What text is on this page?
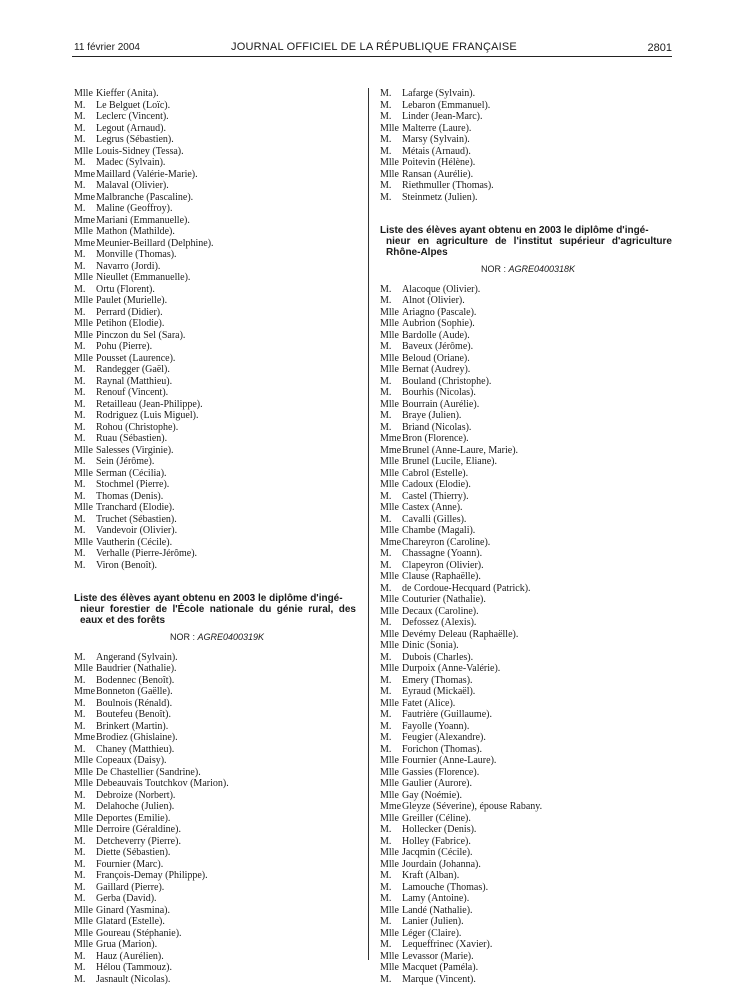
11 février 2004	JOURNAL OFFICIEL DE LA RÉPUBLIQUE FRANÇAISE	2801
Mlle Kieffer (Anita).
M.	Le Belguet (Loïc).
M.	Leclerc (Vincent).
M.	Legout (Arnaud).
M.	Legrus (Sébastien).
Mlle Louis-Sidney (Tessa).
M.	Madec (Sylvain).
Mme Maillard (Valérie-Marie).
M.	Malaval (Olivier).
Mme Malbranche (Pascaline).
M.	Maline (Geoffroy).
Mme Mariani (Emmanuelle).
Mlle Mathon (Mathilde).
Mme Meunier-Beillard (Delphine).
M.	Monville (Thomas).
M.	Navarro (Jordi).
Mlle Nieullet (Emmanuelle).
M.	Ortu (Florent).
Mlle Paulet (Murielle).
M.	Perrard (Didier).
Mlle Petihon (Elodie).
Mlle Pinczon du Sel (Sara).
M.	Pohu (Pierre).
Mlle Pousset (Laurence).
M.	Randegger (Gaël).
M.	Raynal (Matthieu).
M.	Renouf (Vincent).
M.	Retailleau (Jean-Philippe).
M.	Rodriguez (Luis Miguel).
M.	Rohou (Christophe).
M.	Ruau (Sébastien).
Mlle Salesses (Virginie).
M.	Sein (Jérôme).
Mlle Serman (Cécilia).
M.	Stochmel (Pierre).
M.	Thomas (Denis).
Mlle Tranchard (Elodie).
M.	Truchet (Sébastien).
M.	Vandevoir (Olivier).
Mlle Vautherin (Cécile).
M.	Verhalle (Pierre-Jérôme).
M.	Viron (Benoît).
Liste des élèves ayant obtenu en 2003 le diplôme d'ingé-
nieur forestier de l'École nationale du génie rural, des eaux et des forêts
NOR : AGRE0400319K
M.	Angerand (Sylvain).
Mlle Baudrier (Nathalie).
M.	Bodennec (Benoît).
Mme Bonneton (Gaëlle).
M.	Boulnois (Rénald).
M.	Boutefeu (Benoît).
M.	Brinkert (Martin).
Mme Brodiez (Ghislaine).
M.	Chaney (Matthieu).
Mlle Copeaux (Daisy).
Mlle De Chastellier (Sandrine).
Mlle Debeauvais Toutchkov (Marion).
M.	Debroize (Norbert).
M.	Delahoche (Julien).
Mlle Deportes (Emilie).
Mlle Derroire (Géraldine).
M.	Detcheverry (Pierre).
M.	Diette (Sébastien).
M.	Fournier (Marc).
M.	François-Demay (Philippe).
M.	Gaillard (Pierre).
M.	Gerba (David).
Mlle Ginard (Yasmina).
Mlle Glatard (Estelle).
Mlle Goureau (Stéphanie).
Mlle Grua (Marion).
M.	Hauz (Aurélien).
M.	Hélou (Tammouz).
M.	Jasnault (Nicolas).
M.	Lafarge (Sylvain).
M.	Lebaron (Emmanuel).
M.	Linder (Jean-Marc).
Mlle Malterre (Laure).
M.	Marsy (Sylvain).
M.	Métais (Arnaud).
Mlle Poitevin (Hélène).
Mlle Ransan (Aurélie).
M.	Riethmuller (Thomas).
M.	Steinmetz (Julien).
Liste des élèves ayant obtenu en 2003 le diplôme d'ingé-
nieur en agriculture de l'institut supérieur d'agriculture Rhône-Alpes
NOR : AGRE0400318K
M.	Alacoque (Olivier).
M.	Alnot (Olivier).
Mlle Ariagno (Pascale).
Mlle Aubrion (Sophie).
Mlle Bardolle (Aude).
M.	Baveux (Jérôme).
Mlle Beloud (Oriane).
Mlle Bernat (Audrey).
M.	Bouland (Christophe).
M.	Bourhis (Nicolas).
Mlle Bourrain (Aurélie).
M.	Braye (Julien).
M.	Briand (Nicolas).
Mme Bron (Florence).
Mme Brunel (Anne-Laure, Marie).
Mlle Brunel (Lucile, Eliane).
Mlle Cabrol (Estelle).
Mlle Cadoux (Elodie).
M.	Castel (Thierry).
Mlle Castex (Anne).
M.	Cavalli (Gilles).
Mlle Chambe (Magali).
Mme Chareyron (Caroline).
M.	Chassagne (Yoann).
M.	Clapeyron (Olivier).
Mlle Clause (Raphaëlle).
M.	de Cordoue-Hecquard (Patrick).
Mlle Couturier (Nathalie).
Mlle Decaux (Caroline).
M.	Defossez (Alexis).
Mlle Devémy Deleau (Raphaëlle).
Mlle Dinic (Sonia).
M.	Dubois (Charles).
Mlle Durpoix (Anne-Valérie).
M.	Emery (Thomas).
M.	Eyraud (Mickaël).
Mlle Fatet (Alice).
M.	Fautrière (Guillaume).
M.	Fayolle (Yoann).
M.	Feugier (Alexandre).
M.	Forichon (Thomas).
Mlle Fournier (Anne-Laure).
Mlle Gassies (Florence).
Mlle Gaulier (Aurore).
Mlle Gay (Noémie).
Mme Gleyze (Séverine), épouse Rabany.
Mlle Greiller (Céline).
M.	Hollecker (Denis).
M.	Holley (Fabrice).
Mlle Jacqmin (Cécile).
Mlle Jourdain (Johanna).
M.	Kraft (Alban).
M.	Lamouche (Thomas).
M.	Lamy (Antoine).
Mlle Landé (Nathalie).
M.	Lanier (Julien).
Mlle Léger (Claire).
M.	Lequeffrinec (Xavier).
Mlle Levassor (Marie).
Mlle Macquet (Paméla).
M.	Marque (Vincent).
